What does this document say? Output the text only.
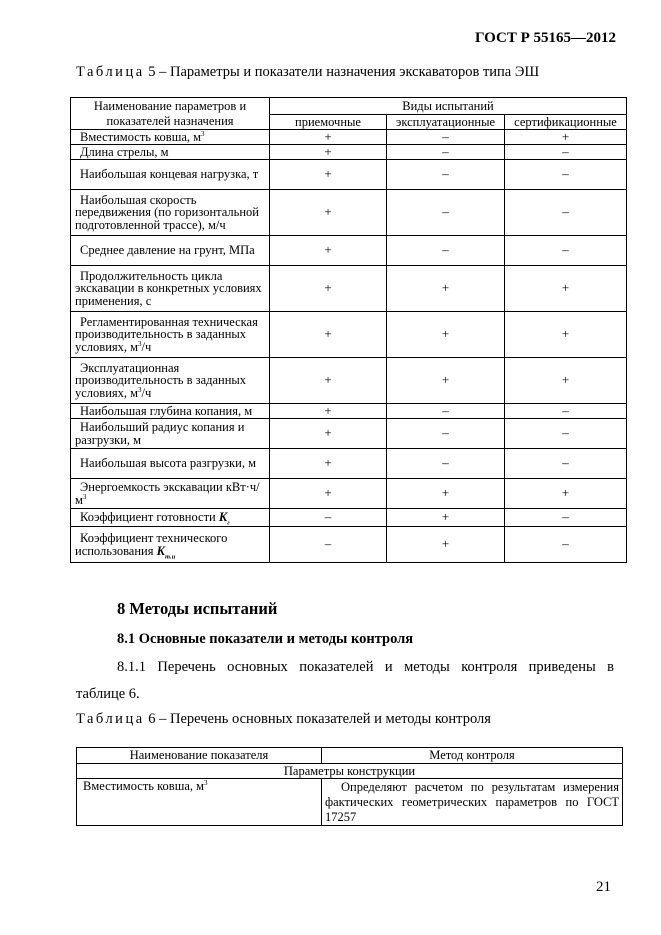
ГОСТ Р 55165—2012
Таблица 5 – Параметры и показатели назначения экскаваторов типа ЭШ
Наименование параметров и показателей назначения	Виды испытаний		
	приемочные	эксплуатационные	сертификационные
Вместимость ковша, $м^3$	+	–	+
Длина стрелы, м	+	–	–
Наибольшая концевая нагрузка, т	+	–	–
Наибольшая скорость передвижения (по горизонтальной подготовленной трассе), м/ч	+	–	–
Среднее давление на грунт, МПа	+	–	–
Продолжительность цикла экскавации в конкретных условиях применения, с	+	+	+
Регламентированная техническая производительность в заданных условиях, $м^3/ч$	+	+	+
Эксплуатационная производительность в заданных условиях, $м^3/ч$	+	+	+
Наибольшая глубина копания, м	+	–	–
Наибольший радиус копания и разгрузки, м	+	–	–
Наибольшая высота разгрузки, м	+	–	–
Энергоемкость экскавации $кВт\cdot ч/м^3$	+	+	+
Коэффициент готовности $K_г$	–	+	–
Коэффициент технического использования $K_{т.и}$	–	+	–
8 Методы испытаний
8.1 Основные показатели и методы контроля
8.1.1 Перечень основных показателей и методы контроля приведены в
таблице 6.
Таблица 6 – Перечень основных показателей и методы контроля
Наименование показателя	Метод контроля
Параметры конструкции	
Вместимость ковша, $м^3$	Определяют расчетом по результатам измерения фактических геометрических параметров по ГОСТ 17257
21
